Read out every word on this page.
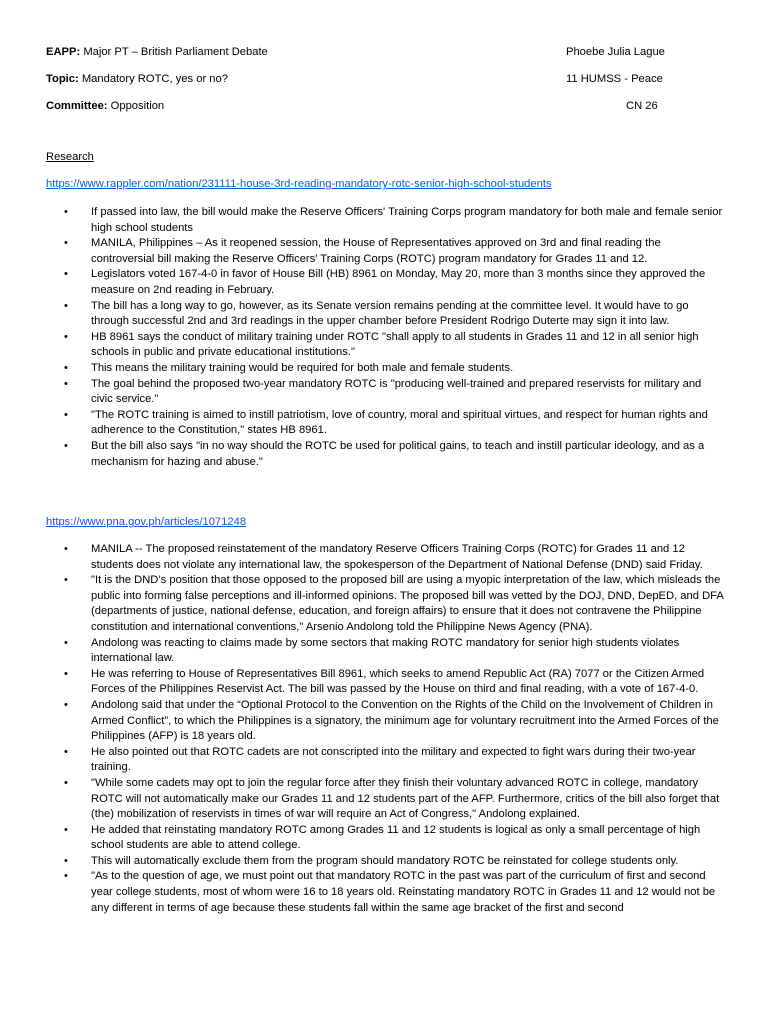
EAPP: Major PT – British Parliament Debate	Phoebe Julia Lague
Topic: Mandatory ROTC, yes or no?	11 HUMSS - Peace
Committee: Opposition	CN 26
Research
https://www.rappler.com/nation/231111-house-3rd-reading-mandatory-rotc-senior-high-school-students
• If passed into law, the bill would make the Reserve Officers' Training Corps program mandatory for both male and female senior high school students
• MANILA, Philippines – As it reopened session, the House of Representatives approved on 3rd and final reading the controversial bill making the Reserve Officers' Training Corps (ROTC) program mandatory for Grades 11 and 12.
• Legislators voted 167-4-0 in favor of House Bill (HB) 8961 on Monday, May 20, more than 3 months since they approved the measure on 2nd reading in February.
• The bill has a long way to go, however, as its Senate version remains pending at the committee level. It would have to go through successful 2nd and 3rd readings in the upper chamber before President Rodrigo Duterte may sign it into law.
• HB 8961 says the conduct of military training under ROTC "shall apply to all students in Grades 11 and 12 in all senior high schools in public and private educational institutions."
• This means the military training would be required for both male and female students.
• The goal behind the proposed two-year mandatory ROTC is "producing well-trained and prepared reservists for military and civic service."
• "The ROTC training is aimed to instill patriotism, love of country, moral and spiritual virtues, and respect for human rights and adherence to the Constitution," states HB 8961.
• But the bill also says "in no way should the ROTC be used for political gains, to teach and instill particular ideology, and as a mechanism for hazing and abuse."
https://www.pna.gov.ph/articles/1071248
• MANILA -- The proposed reinstatement of the mandatory Reserve Officers Training Corps (ROTC) for Grades 11 and 12 students does not violate any international law, the spokesperson of the Department of National Defense (DND) said Friday.
• "It is the DND’s position that those opposed to the proposed bill are using a myopic interpretation of the law, which misleads the public into forming false perceptions and ill-informed opinions. The proposed bill was vetted by the DOJ, DND, DepED, and DFA (departments of justice, national defense, education, and foreign affairs) to ensure that it does not contravene the Philippine constitution and international conventions," Arsenio Andolong told the Philippine News Agency (PNA).
• Andolong was reacting to claims made by some sectors that making ROTC mandatory for senior high students violates international law.
• He was referring to House of Representatives Bill 8961, which seeks to amend Republic Act (RA) 7077 or the Citizen Armed Forces of the Philippines Reservist Act. The bill was passed by the House on third and final reading, with a vote of 167-4-0.
• Andolong said that under the “Optional Protocol to the Convention on the Rights of the Child on the Involvement of Children in Armed Conflict”, to which the Philippines is a signatory, the minimum age for voluntary recruitment into the Armed Forces of the Philippines (AFP) is 18 years old.
• He also pointed out that ROTC cadets are not conscripted into the military and expected to fight wars during their two-year training.
• "While some cadets may opt to join the regular force after they finish their voluntary advanced ROTC in college, mandatory ROTC will not automatically make our Grades 11 and 12 students part of the AFP. Furthermore, critics of the bill also forget that (the) mobilization of reservists in times of war will require an Act of Congress," Andolong explained.
• He added that reinstating mandatory ROTC among Grades 11 and 12 students is logical as only a small percentage of high school students are able to attend college.
• This will automatically exclude them from the program should mandatory ROTC be reinstated for college students only.
• "As to the question of age, we must point out that mandatory ROTC in the past was part of the curriculum of first and second year college students, most of whom were 16 to 18 years old. Reinstating mandatory ROTC in Grades 11 and 12 would not be any different in terms of age because these students fall within the same age bracket of the first and second
